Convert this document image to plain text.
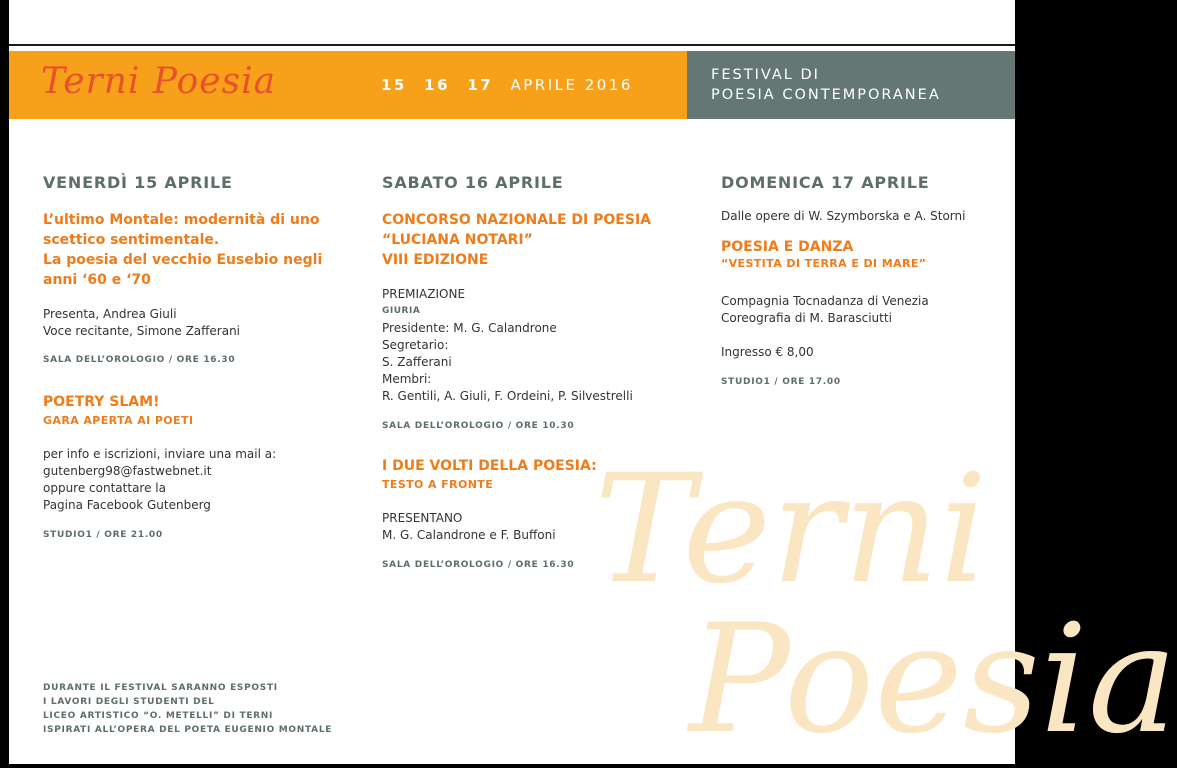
Terni Poesia	15 16 17 APRILE 2016
FESTIVAL DI
POESIA CONTEMPORANEA
Terni
Poesia
VENERDÌ 15 APRILE
L’ultimo Montale: modernità di uno
scettico sentimentale.
La poesia del vecchio Eusebio negli
anni ‘60 e ‘70
Presenta, Andrea Giuli
Voce recitante, Simone Zafferani
SALA DELL’OROLOGIO / ORE 16.30
POETRY SLAM!
GARA APERTA AI POETI
per info e iscrizioni, inviare una mail a:
gutenberg98@fastwebnet.it
oppure contattare la
Pagina Facebook Gutenberg
STUDIO1 / ORE 21.00
SABATO 16 APRILE
CONCORSO NAZIONALE DI POESIA
“LUCIANA NOTARI”
VIII EDIZIONE
PREMIAZIONE
GIURIA
Presidente: M. G. Calandrone
Segretario:
S. Zafferani
Membri:
R. Gentili, A. Giuli, F. Ordeini, P. Silvestrelli
SALA DELL’OROLOGIO / ORE 10.30
I DUE VOLTI DELLA POESIA:
TESTO A FRONTE
PRESENTANO
M. G. Calandrone e F. Buffoni
SALA DELL’OROLOGIO / ORE 16.30
DOMENICA 17 APRILE
Dalle opere di W. Szymborska e A. Storni
POESIA E DANZA
“VESTITA DI TERRA E DI MARE”
Compagnia Tocnadanza di Venezia
Coreografia di M. Barasciutti
Ingresso € 8,00
STUDIO1 / ORE 17.00
DURANTE IL FESTIVAL SARANNO ESPOSTI
I LAVORI DEGLI STUDENTI DEL
LICEO ARTISTICO “O. METELLI” DI TERNI
ISPIRATI ALL’OPERA DEL POETA EUGENIO MONTALE
